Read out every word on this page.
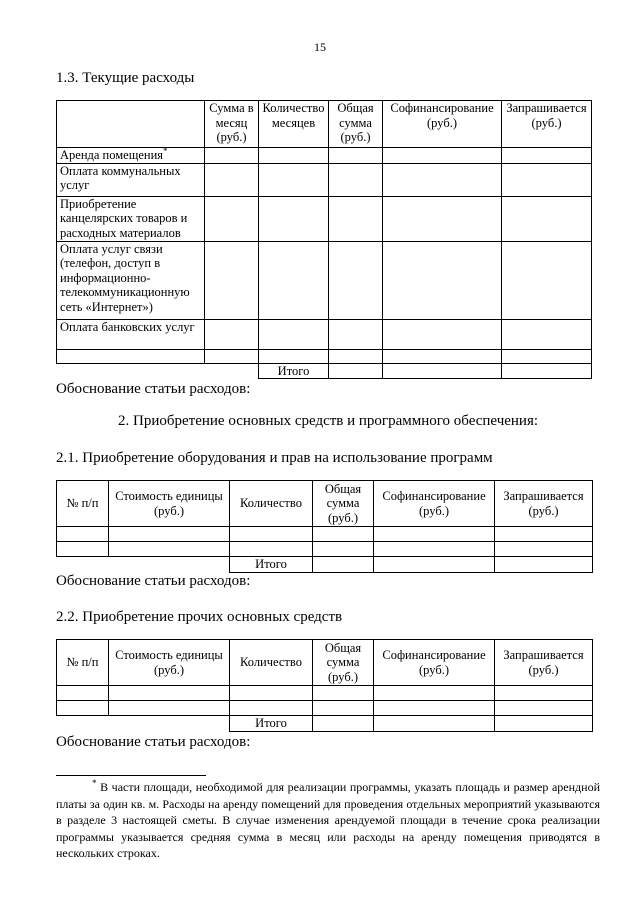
15
1.3. Текущие расходы
	Сумма в месяц (руб.)	Количество месяцев	Общая сумма (руб.)	Софинансирование (руб.)	Запрашивается (руб.)
Аренда помещения*					
Оплата коммунальных услуг					
Приобретение канцелярских товаров и расходных материалов					
Оплата услуг связи (телефон, доступ в информационно-телекоммуникационную сеть «Интернет»)					
Оплата банковских услуг					

		Итого			
Обоснование статьи расходов:
2. Приобретение основных средств и программного обеспечения:
2.1. Приобретение оборудования и прав на использование программ
№ п/п	Стоимость единицы (руб.)	Количество	Общая сумма (руб.)	Софинансирование (руб.)	Запрашивается (руб.)

		Итого			
Обоснование статьи расходов:
2.2. Приобретение прочих основных средств
№ п/п	Стоимость единицы (руб.)	Количество	Общая сумма (руб.)	Софинансирование (руб.)	Запрашивается (руб.)

		Итого			
Обоснование статьи расходов:
* В части площади, необходимой для реализации программы, указать площадь и размер арендной платы за один кв. м. Расходы на аренду помещений для проведения отдельных мероприятий указываются в разделе 3 настоящей сметы. В случае изменения арендуемой площади в течение срока реализации программы указывается средняя сумма в месяц или расходы на аренду помещения приводятся в нескольких строках.
